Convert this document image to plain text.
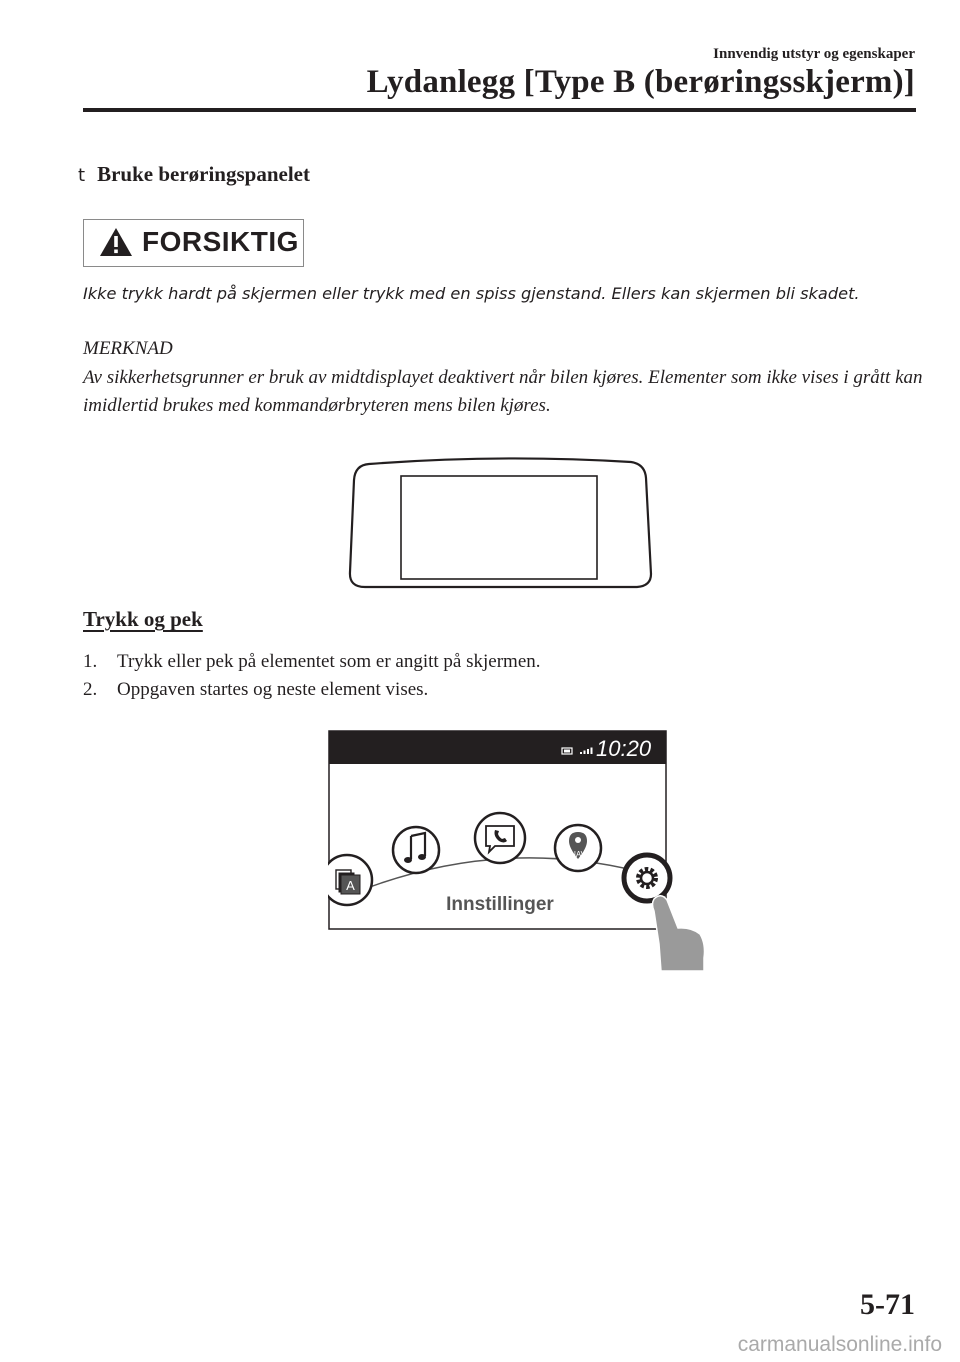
Innvendig utstyr og egenskaper
Lydanlegg [Type B (berøringsskjerm)]
t Bruke berøringspanelet
FORSIKTIG
Ikke trykk hardt på skjermen eller trykk med en spiss gjenstand. Ellers kan skjermen bli skadet.
MERKNAD
Av sikkerhetsgrunner er bruk av midtdisplayet deaktivert når bilen kjøres. Elementer som ikke vises i grått kan imidlertid brukes med kommandørbryteren mens bilen kjøres.
Trykk og pek
1. Trykk eller pek på elementet som er angitt på skjermen.
2. Oppgaven startes og neste element vises.
A
NAV
10:20
Innstillinger
5-71
carmanualsonline.info
